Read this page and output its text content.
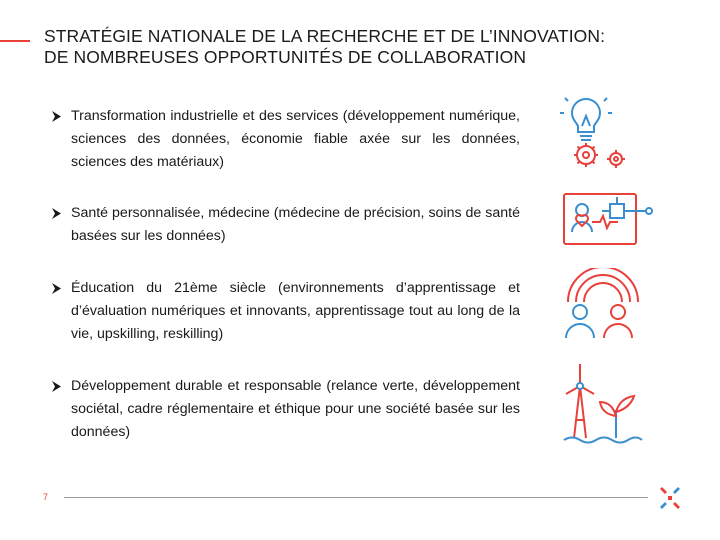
STRATÉGIE NATIONALE DE LA RECHERCHE ET DE L’INNOVATION:
DE NOMBREUSES OPPORTUNITÉS DE COLLABORATION
Transformation industrielle et des services (développement numérique, sciences des données, économie fiable axée sur les données, sciences des matériaux)
Santé personnalisée, médecine (médecine de précision, soins de santé basées sur les données)
Éducation du 21ème siècle (environnements d’apprentissage et d’évaluation numériques et innovants, apprentissage tout au long de la vie, upskilling, reskilling)
Développement durable et responsable (relance verte, développement sociétal, cadre réglementaire et éthique pour une société basée sur les données)
7
